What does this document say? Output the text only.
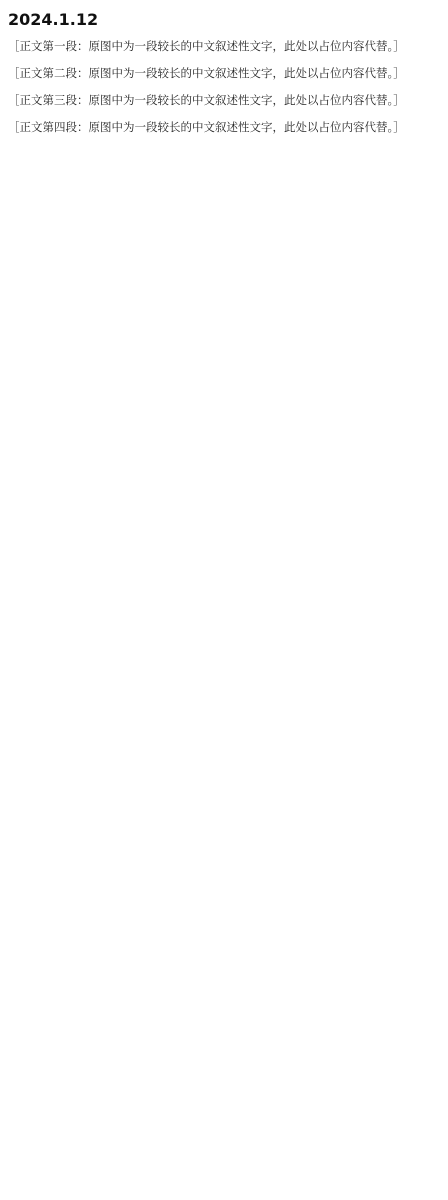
2024.1.12

［正文第一段：原图中为一段较长的中文叙述性文字，此处以占位内容代替。］

［正文第二段：原图中为一段较长的中文叙述性文字，此处以占位内容代替。］

［正文第三段：原图中为一段较长的中文叙述性文字，此处以占位内容代替。］

［正文第四段：原图中为一段较长的中文叙述性文字，此处以占位内容代替。］
